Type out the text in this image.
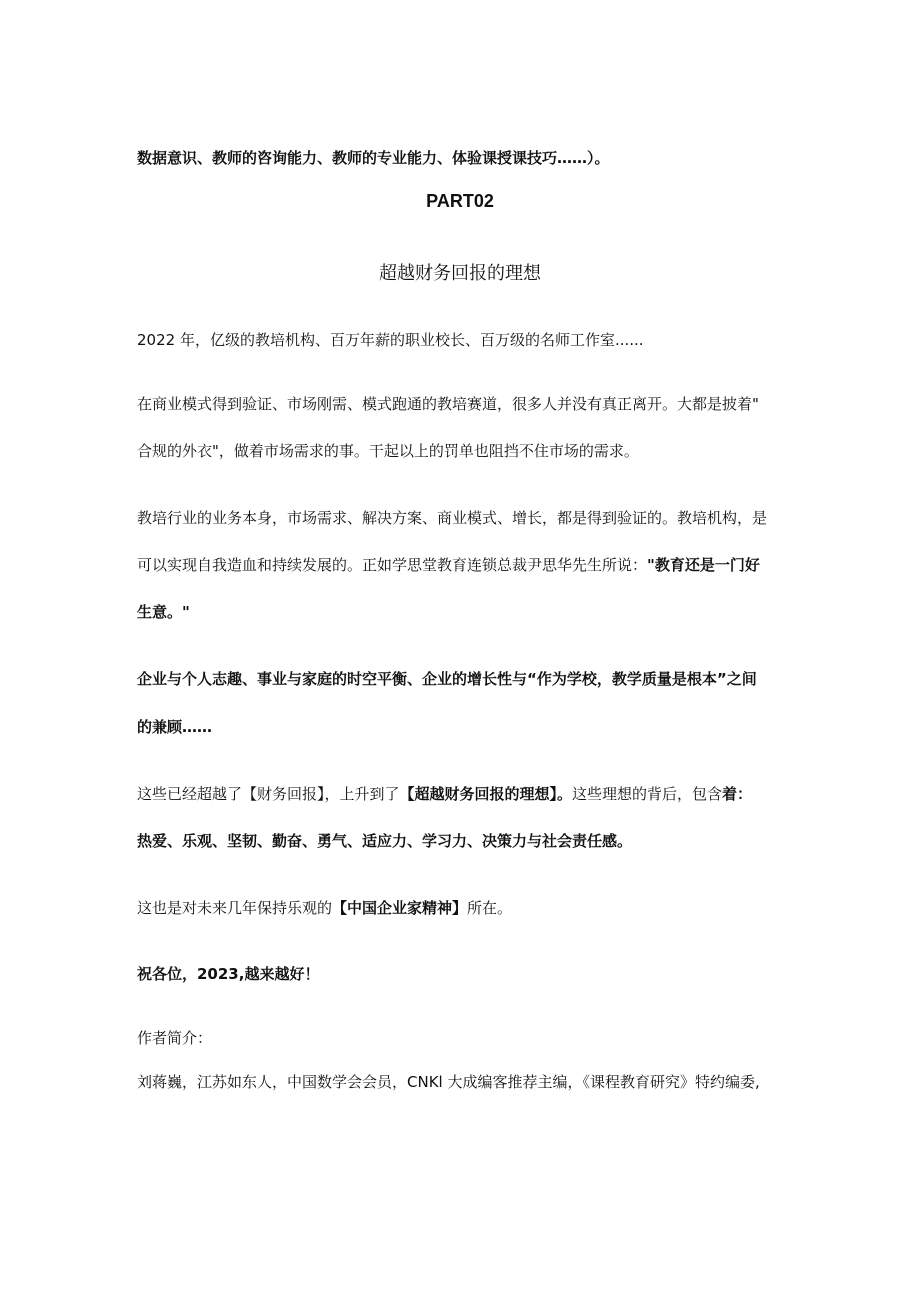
数据意识、教师的咨询能力、教师的专业能力、体验课授课技巧……）。

PART02

超越财务回报的理想

2022 年，亿级的教培机构、百万年薪的职业校长、百万级的名师工作室......

在商业模式得到验证、市场刚需、模式跑通的教培赛道，很多人并没有真正离开。大都是披着"

合规的外衣"，做着市场需求的事。干起以上的罚单也阻挡不住市场的需求。

教培行业的业务本身，市场需求、解决方案、商业模式、增长，都是得到验证的。教培机构，是

可以实现自我造血和持续发展的。正如学思堂教育连锁总裁尹思华先生所说："教育还是一门好

生意。"

企业与个人志趣、事业与家庭的时空平衡、企业的增长性与“作为学校，教学质量是根本”之间

的兼顾……

这些已经超越了【财务回报】，上升到了【超越财务回报的理想】。这些理想的背后，包含着：

热爱、乐观、坚韧、勤奋、勇气、适应力、学习力、决策力与社会责任感。

这也是对未来几年保持乐观的【中国企业家精神】所在。

祝各位，2023,越来越好！

作者简介：

刘蒋巍，江苏如东人，中国数学会会员，CNKl 大成编客推荐主编，《课程教育研究》特约编委,
